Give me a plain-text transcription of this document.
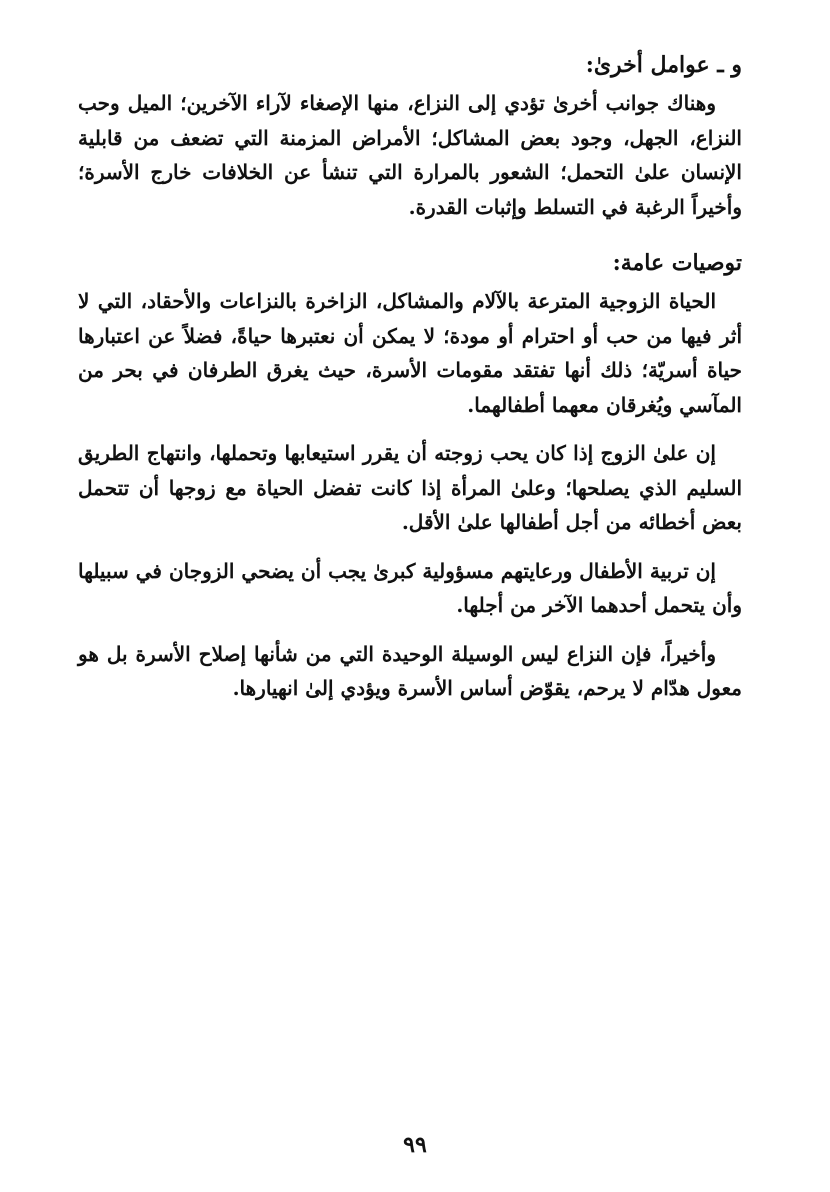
و ـ عوامل أخرىٰ:

وهناك جوانب أخرىٰ تؤدي إلى النزاع، منها الإصغاء لآراء الآخرين؛ الميل وحب النزاع، الجهل، وجود بعض المشاكل؛ الأمراض المزمنة التي تضعف من قابلية الإنسان علىٰ التحمل؛ الشعور بالمرارة التي تنشأ عن الخلافات خارج الأسرة؛ وأخيراً الرغبة في التسلط وإثبات القدرة.

توصيات عامة:

الحياة الزوجية المترعة بالآلام والمشاكل، الزاخرة بالنزاعات والأحقاد، التي لا أثر فيها من حب أو احترام أو مودة؛ لا يمكن أن نعتبرها حياةً، فضلاً عن اعتبارها حياة أسريّة؛ ذلك أنها تفتقد مقومات الأسرة، حيث يغرق الطرفان في بحر من المآسي ويُغرقان معهما أطفالهما.

إن علىٰ الزوج إذا كان يحب زوجته أن يقرر استيعابها وتحملها، وانتهاج الطريق السليم الذي يصلحها؛ وعلىٰ المرأة إذا كانت تفضل الحياة مع زوجها أن تتحمل بعض أخطائه من أجل أطفالها علىٰ الأقل.

إن تربية الأطفال ورعايتهم مسؤولية كبرىٰ يجب أن يضحي الزوجان في سبيلها وأن يتحمل أحدهما الآخر من أجلها.

وأخيراً، فإن النزاع ليس الوسيلة الوحيدة التي من شأنها إصلاح الأسرة بل هو معول هدّام لا يرحم، يقوّض أساس الأسرة ويؤدي إلىٰ انهيارها.

٩٩
